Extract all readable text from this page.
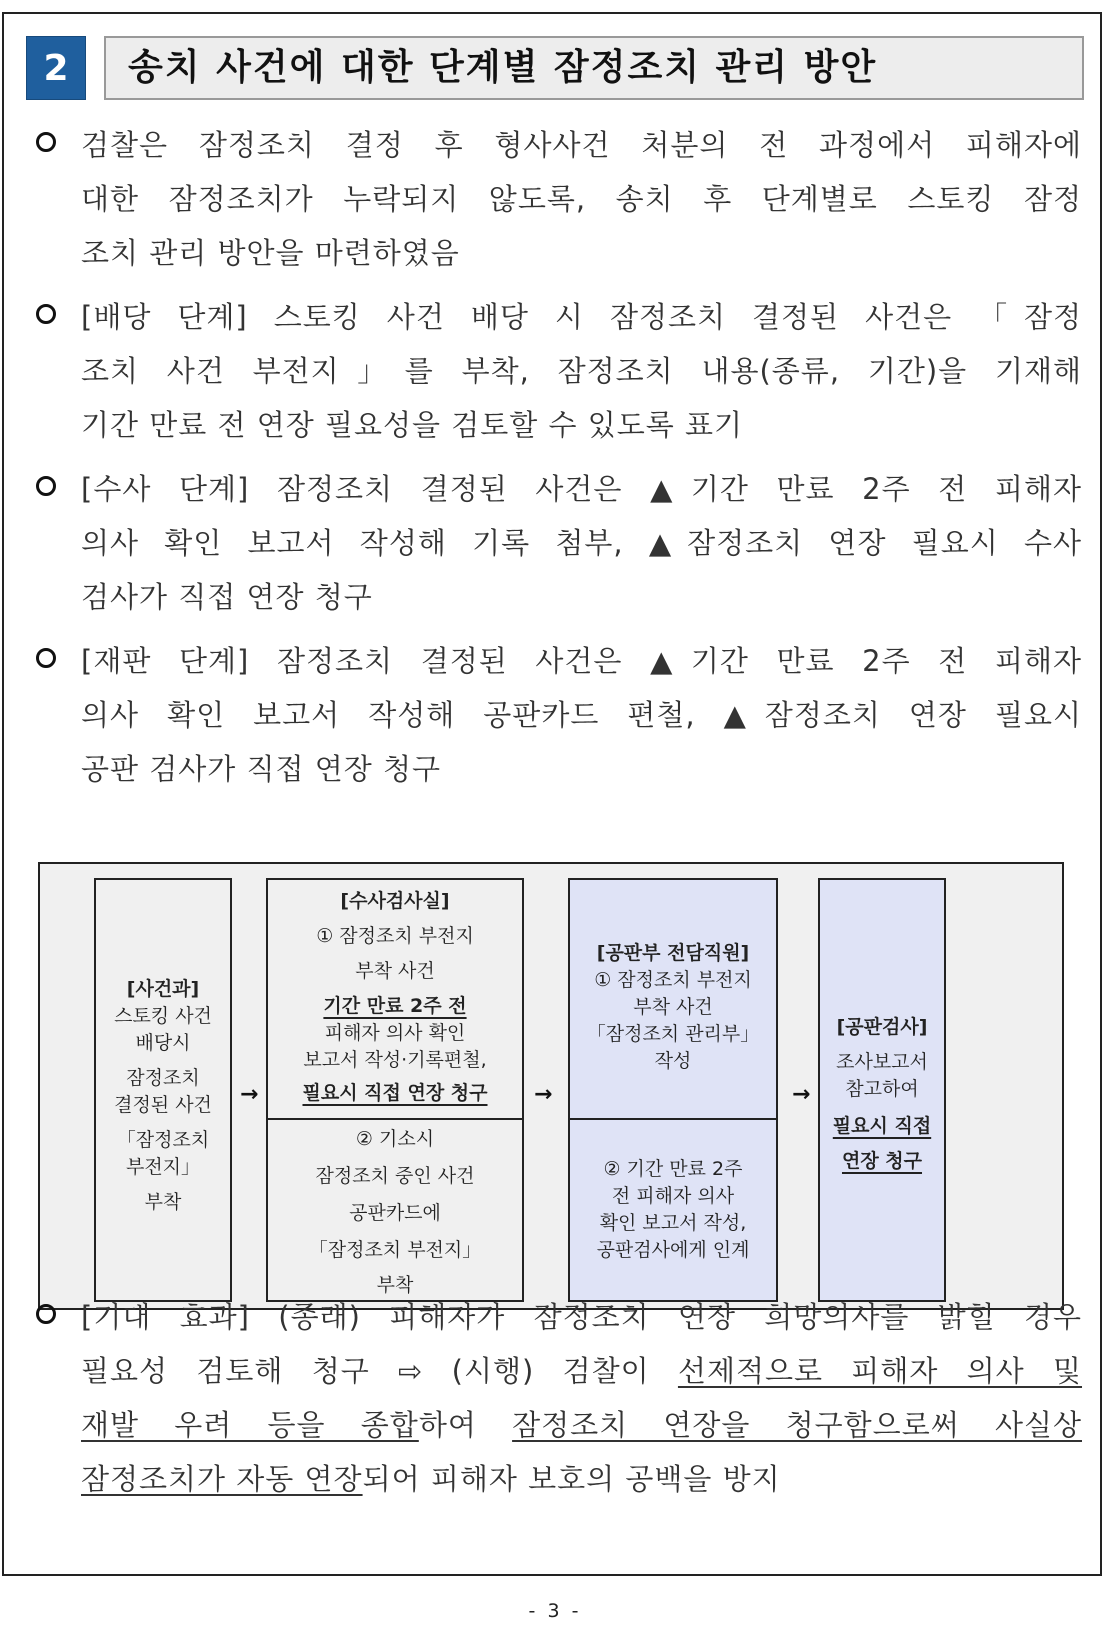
2	송치 사건에 대한 단계별 잠정조치 관리 방안
검찰은 잠정조치 결정 후 형사사건 처분의 전 과정에서 피해자에
대한 잠정조치가 누락되지 않도록, 송치 후 단계별로 스토킹 잠정
조치 관리 방안을 마련하였음
[배당 단계] 스토킹 사건 배당 시 잠정조치 결정된 사건은 「잠정
조치 사건 부전지」를 부착, 잠정조치 내용(종류, 기간)을 기재해
기간 만료 전 연장 필요성을 검토할 수 있도록 표기
[수사 단계] 잠정조치 결정된 사건은 ▲기간 만료 2주 전 피해자
의사 확인 보고서 작성해 기록 첨부, ▲잠정조치 연장 필요시 수사
검사가 직접 연장 청구
[재판 단계] 잠정조치 결정된 사건은 ▲기간 만료 2주 전 피해자
의사 확인 보고서 작성해 공판카드 편철, ▲잠정조치 연장 필요시
공판 검사가 직접 연장 청구
[사건과]
스토킹 사건
배당시
잠정조치
결정된 사건
「잠정조치
부전지」
부착
→
[수사검사실]
① 잠정조치 부전지
부착 사건
기간 만료 2주 전
피해자 의사 확인
보고서 작성·기록편철,
필요시 직접 연장 청구
② 기소시
잠정조치 중인 사건
공판카드에
「잠정조치 부전지」
부착
→
[공판부 전담직원]
① 잠정조치 부전지
부착 사건
「잠정조치 관리부」
작성
② 기간 만료 2주
전 피해자 의사
확인 보고서 작성,
공판검사에게 인계
→
[공판검사]
조사보고서
참고하여
필요시 직접
연장 청구
[기대 효과] (종래) 피해자가 잠정조치 연장 희망의사를 밝힐 경우
필요성 검토해 청구 ⇨ (시행) 검찰이 선제적으로 피해자 의사 및
재발 우려 등을 종합하여 잠정조치 연장을 청구함으로써 사실상
잠정조치가 자동 연장되어 피해자 보호의 공백을 방지
- 3 -
